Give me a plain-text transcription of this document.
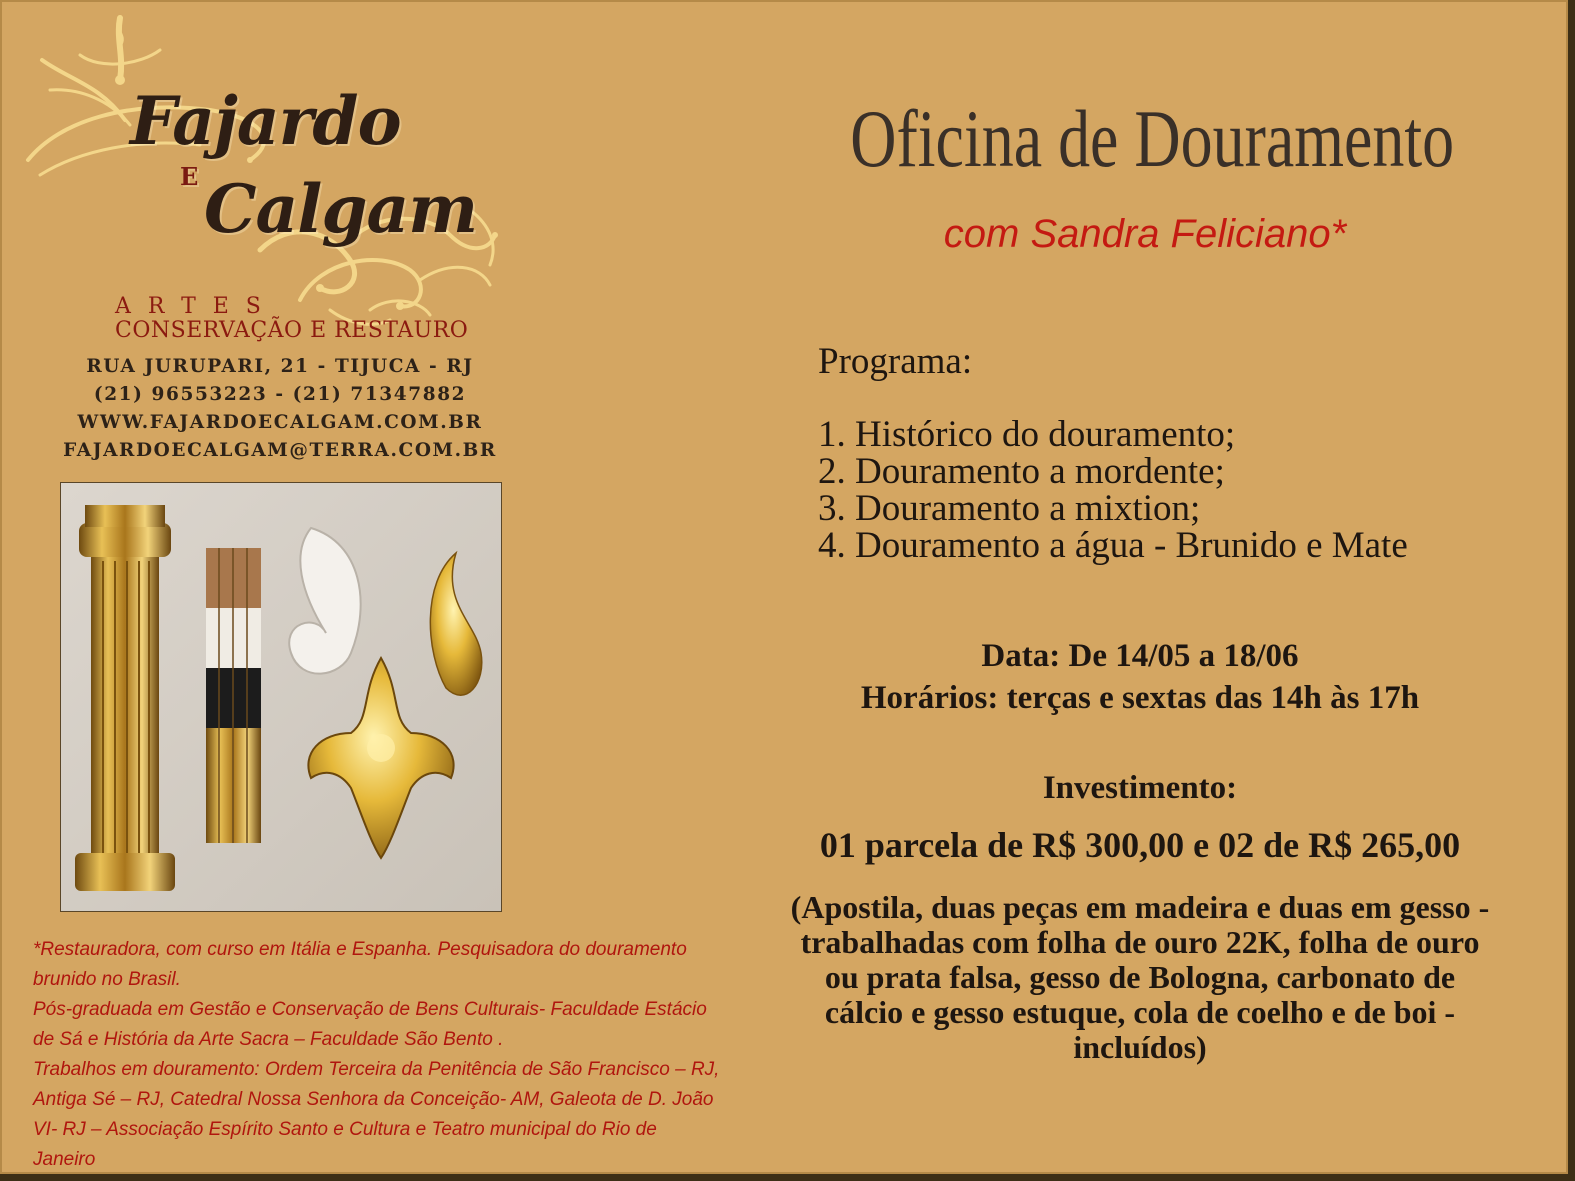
Fajardo
E Calgam
ARTES
CONSERVAÇÃO E RESTAURO
RUA JURUPARI, 21 - TIJUCA - RJ
(21) 96553223 - (21) 71347882
WWW.FAJARDOECALGAM.COM.BR
FAJARDOECALGAM@TERRA.COM.BR

*Restauradora, com curso em Itália e Espanha. Pesquisadora do douramento brunido no Brasil.

Pós-graduada em Gestão e Conservação de Bens Culturais- Faculdade Estácio de Sá e História da Arte Sacra – Faculdade São Bento .

Trabalhos em douramento: Ordem Terceira da Penitência de São Francisco – RJ, Antiga Sé – RJ, Catedral Nossa Senhora da Conceição- AM, Galeota de D. João VI- RJ – Associação Espírito Santo e Cultura e Teatro municipal do Rio de Janeiro

Oficina de Douramento
com Sandra Feliciano*
Programa:
1. Histórico do douramento;
2. Douramento a mordente;
3. Douramento a mixtion;
4. Douramento a água - Brunido e Mate
Data: De 14/05 a 18/06
Horários: terças e sextas das 14h às 17h
Investimento:
01 parcela de R$ 300,00 e 02 de R$ 265,00
(Apostila, duas peças em madeira e duas em gesso - trabalhadas com folha de ouro 22K, folha de ouro ou prata falsa, gesso de Bologna, carbonato de cálcio e gesso estuque, cola de coelho e de boi - incluídos)
